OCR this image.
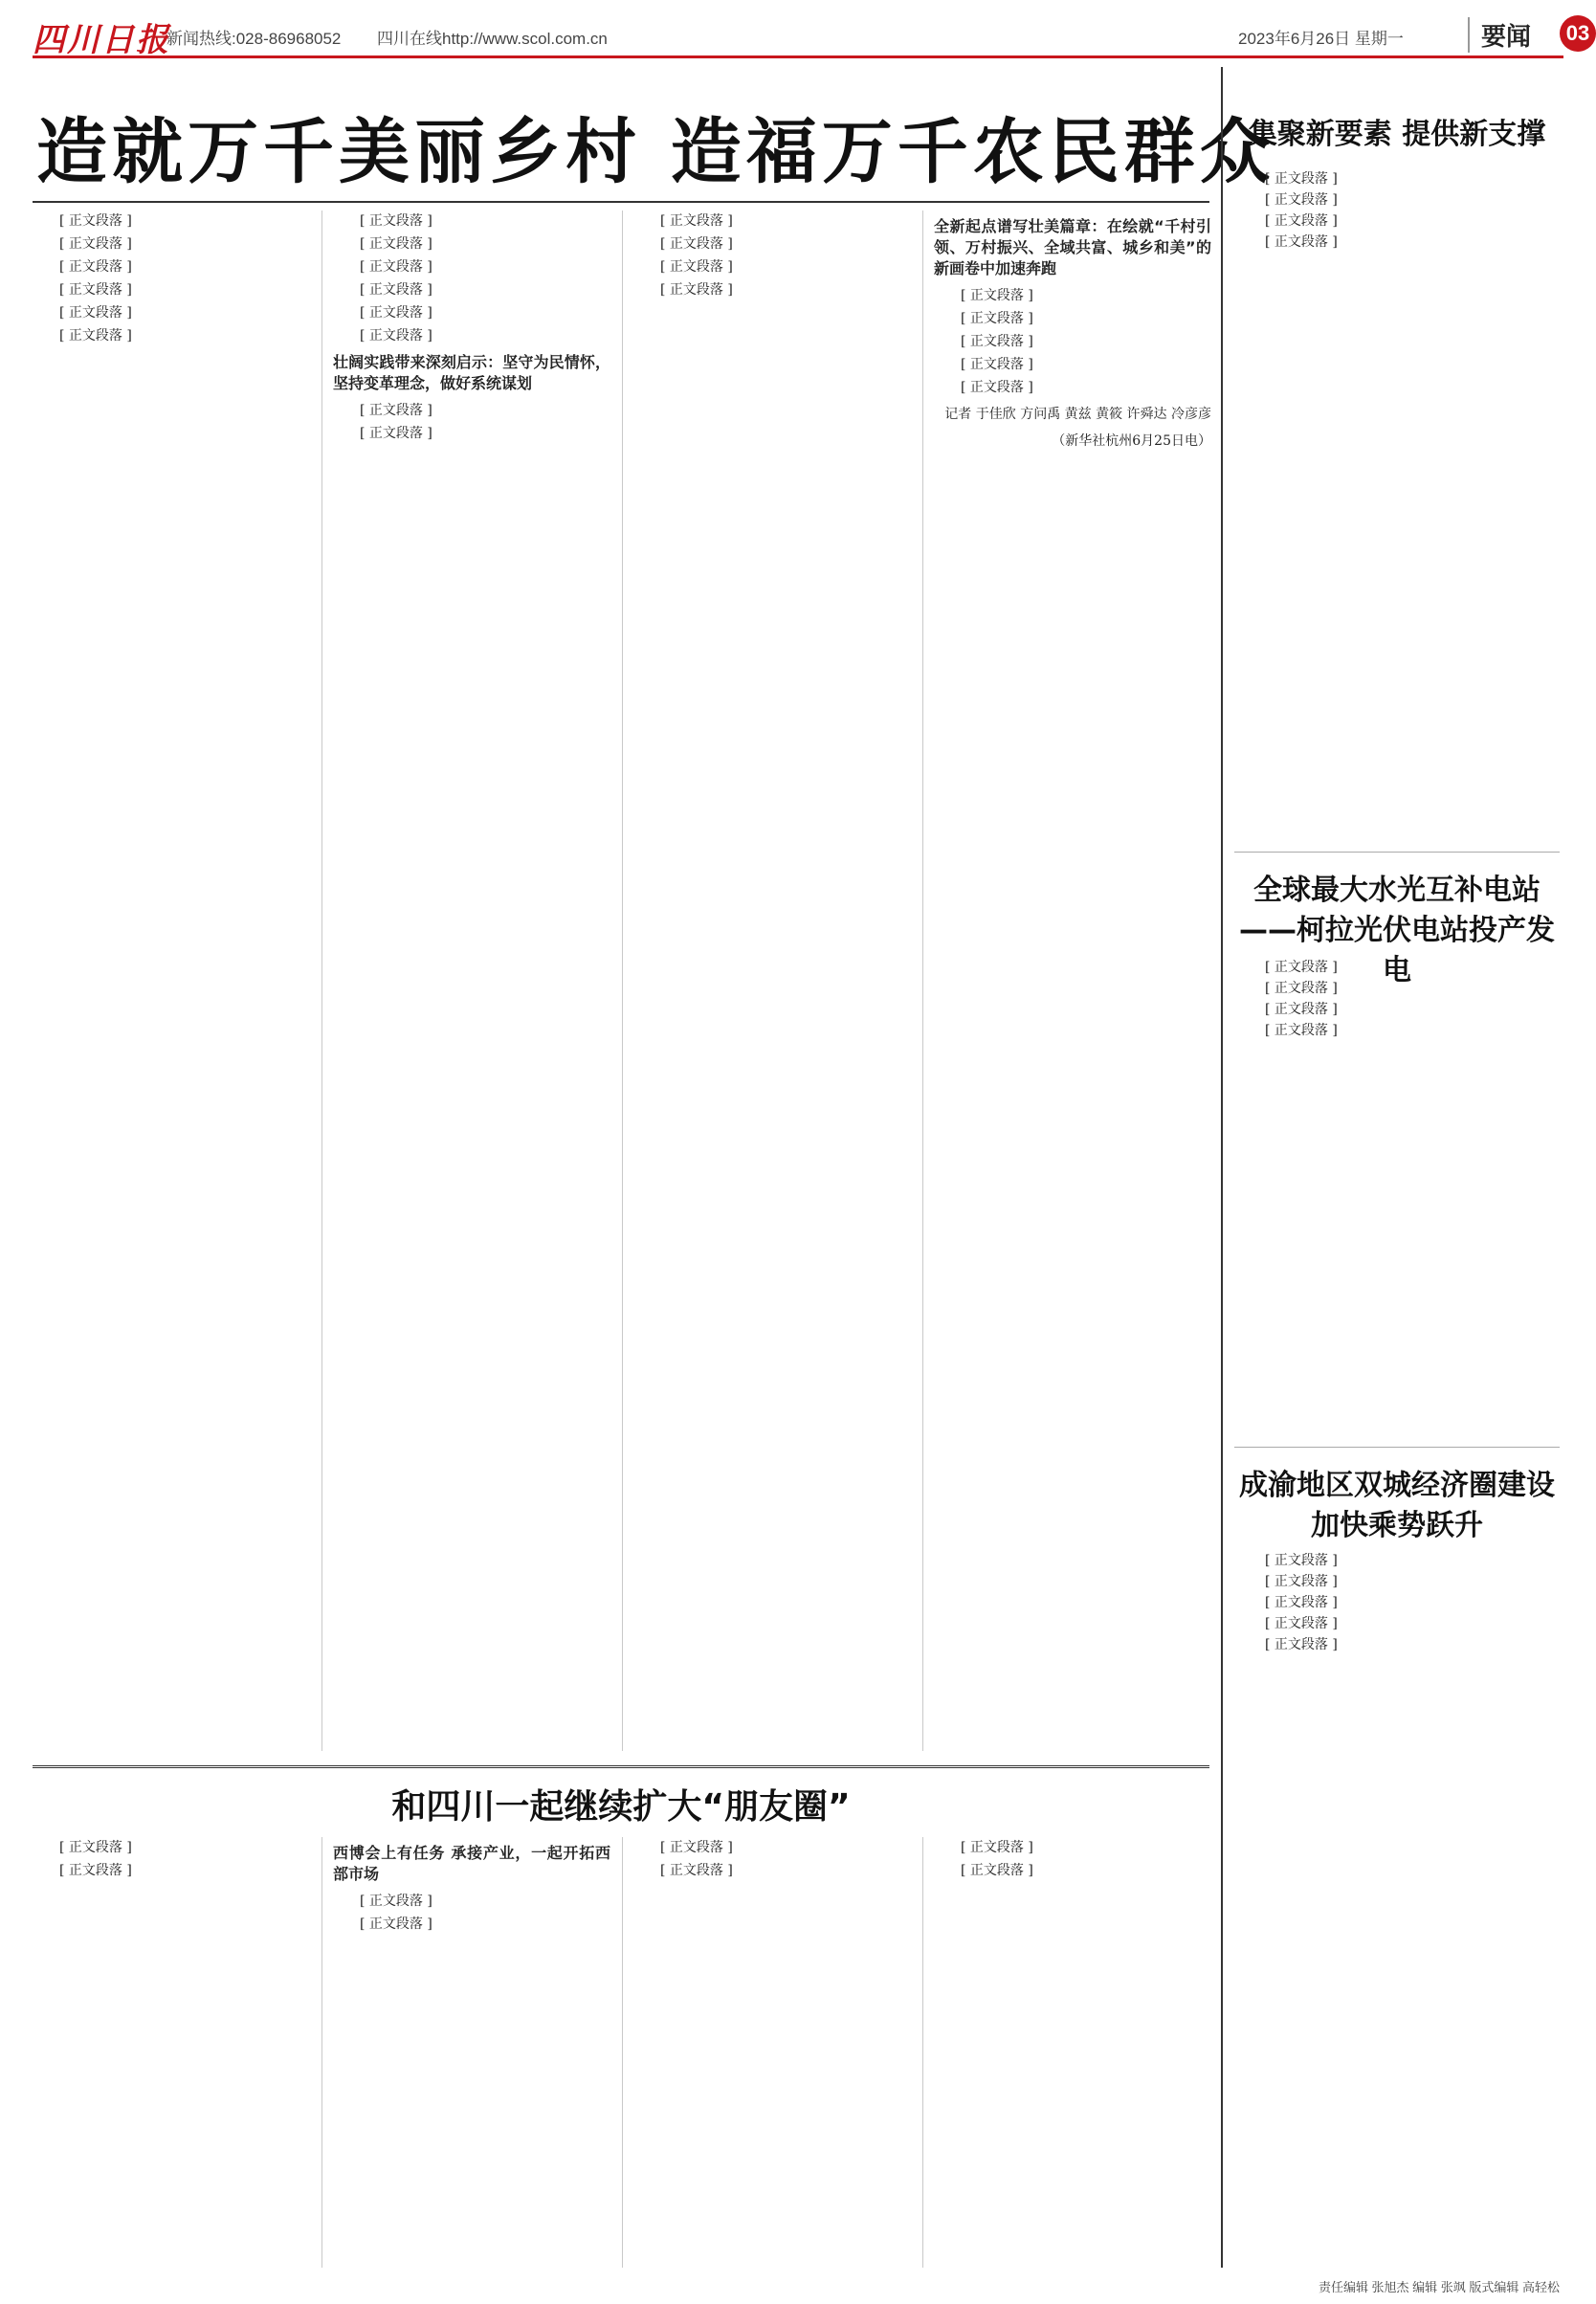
四川日报
新闻热线:028-86968052 四川在线http://www.scol.com.cn	2023年6月26日 星期一	要闻	03
造就万千美丽乡村 造福万千农民群众

[ 正文段落 ]

[ 正文段落 ]

[ 正文段落 ]

[ 正文段落 ]

[ 正文段落 ]

[ 正文段落 ]

[ 正文段落 ]

[ 正文段落 ]

[ 正文段落 ]

[ 正文段落 ]

[ 正文段落 ]

[ 正文段落 ]

壮阔实践带来深刻启示：坚守为民情怀，坚持变革理念，做好系统谋划

[ 正文段落 ]

[ 正文段落 ]

[ 正文段落 ]

[ 正文段落 ]

[ 正文段落 ]

[ 正文段落 ]

全新起点谱写壮美篇章：在绘就“千村引领、万村振兴、全域共富、城乡和美”的新画卷中加速奔跑

[ 正文段落 ]

[ 正文段落 ]

[ 正文段落 ]

[ 正文段落 ]

[ 正文段落 ]

记者 于佳欣 方问禹 黄兹 黄筱 许舜达 冷彦彦
（新华社杭州6月25日电）
集聚新要素 提供新支撑

[ 正文段落 ]

[ 正文段落 ]

[ 正文段落 ]

[ 正文段落 ]

全球最大水光互补电站——柯拉光伏电站投产发电

[ 正文段落 ]

[ 正文段落 ]

[ 正文段落 ]

[ 正文段落 ]

成渝地区双城经济圈建设加快乘势跃升

[ 正文段落 ]

[ 正文段落 ]

[ 正文段落 ]

[ 正文段落 ]

[ 正文段落 ]

和四川一起继续扩大“朋友圈”

[ 正文段落 ]

[ 正文段落 ]

西博会上有任务 承接产业，一起开拓西部市场

[ 正文段落 ]

[ 正文段落 ]

[ 正文段落 ]

[ 正文段落 ]

[ 正文段落 ]

[ 正文段落 ]

责任编辑 张旭杰 编辑 张飒 版式编辑 高轻松
